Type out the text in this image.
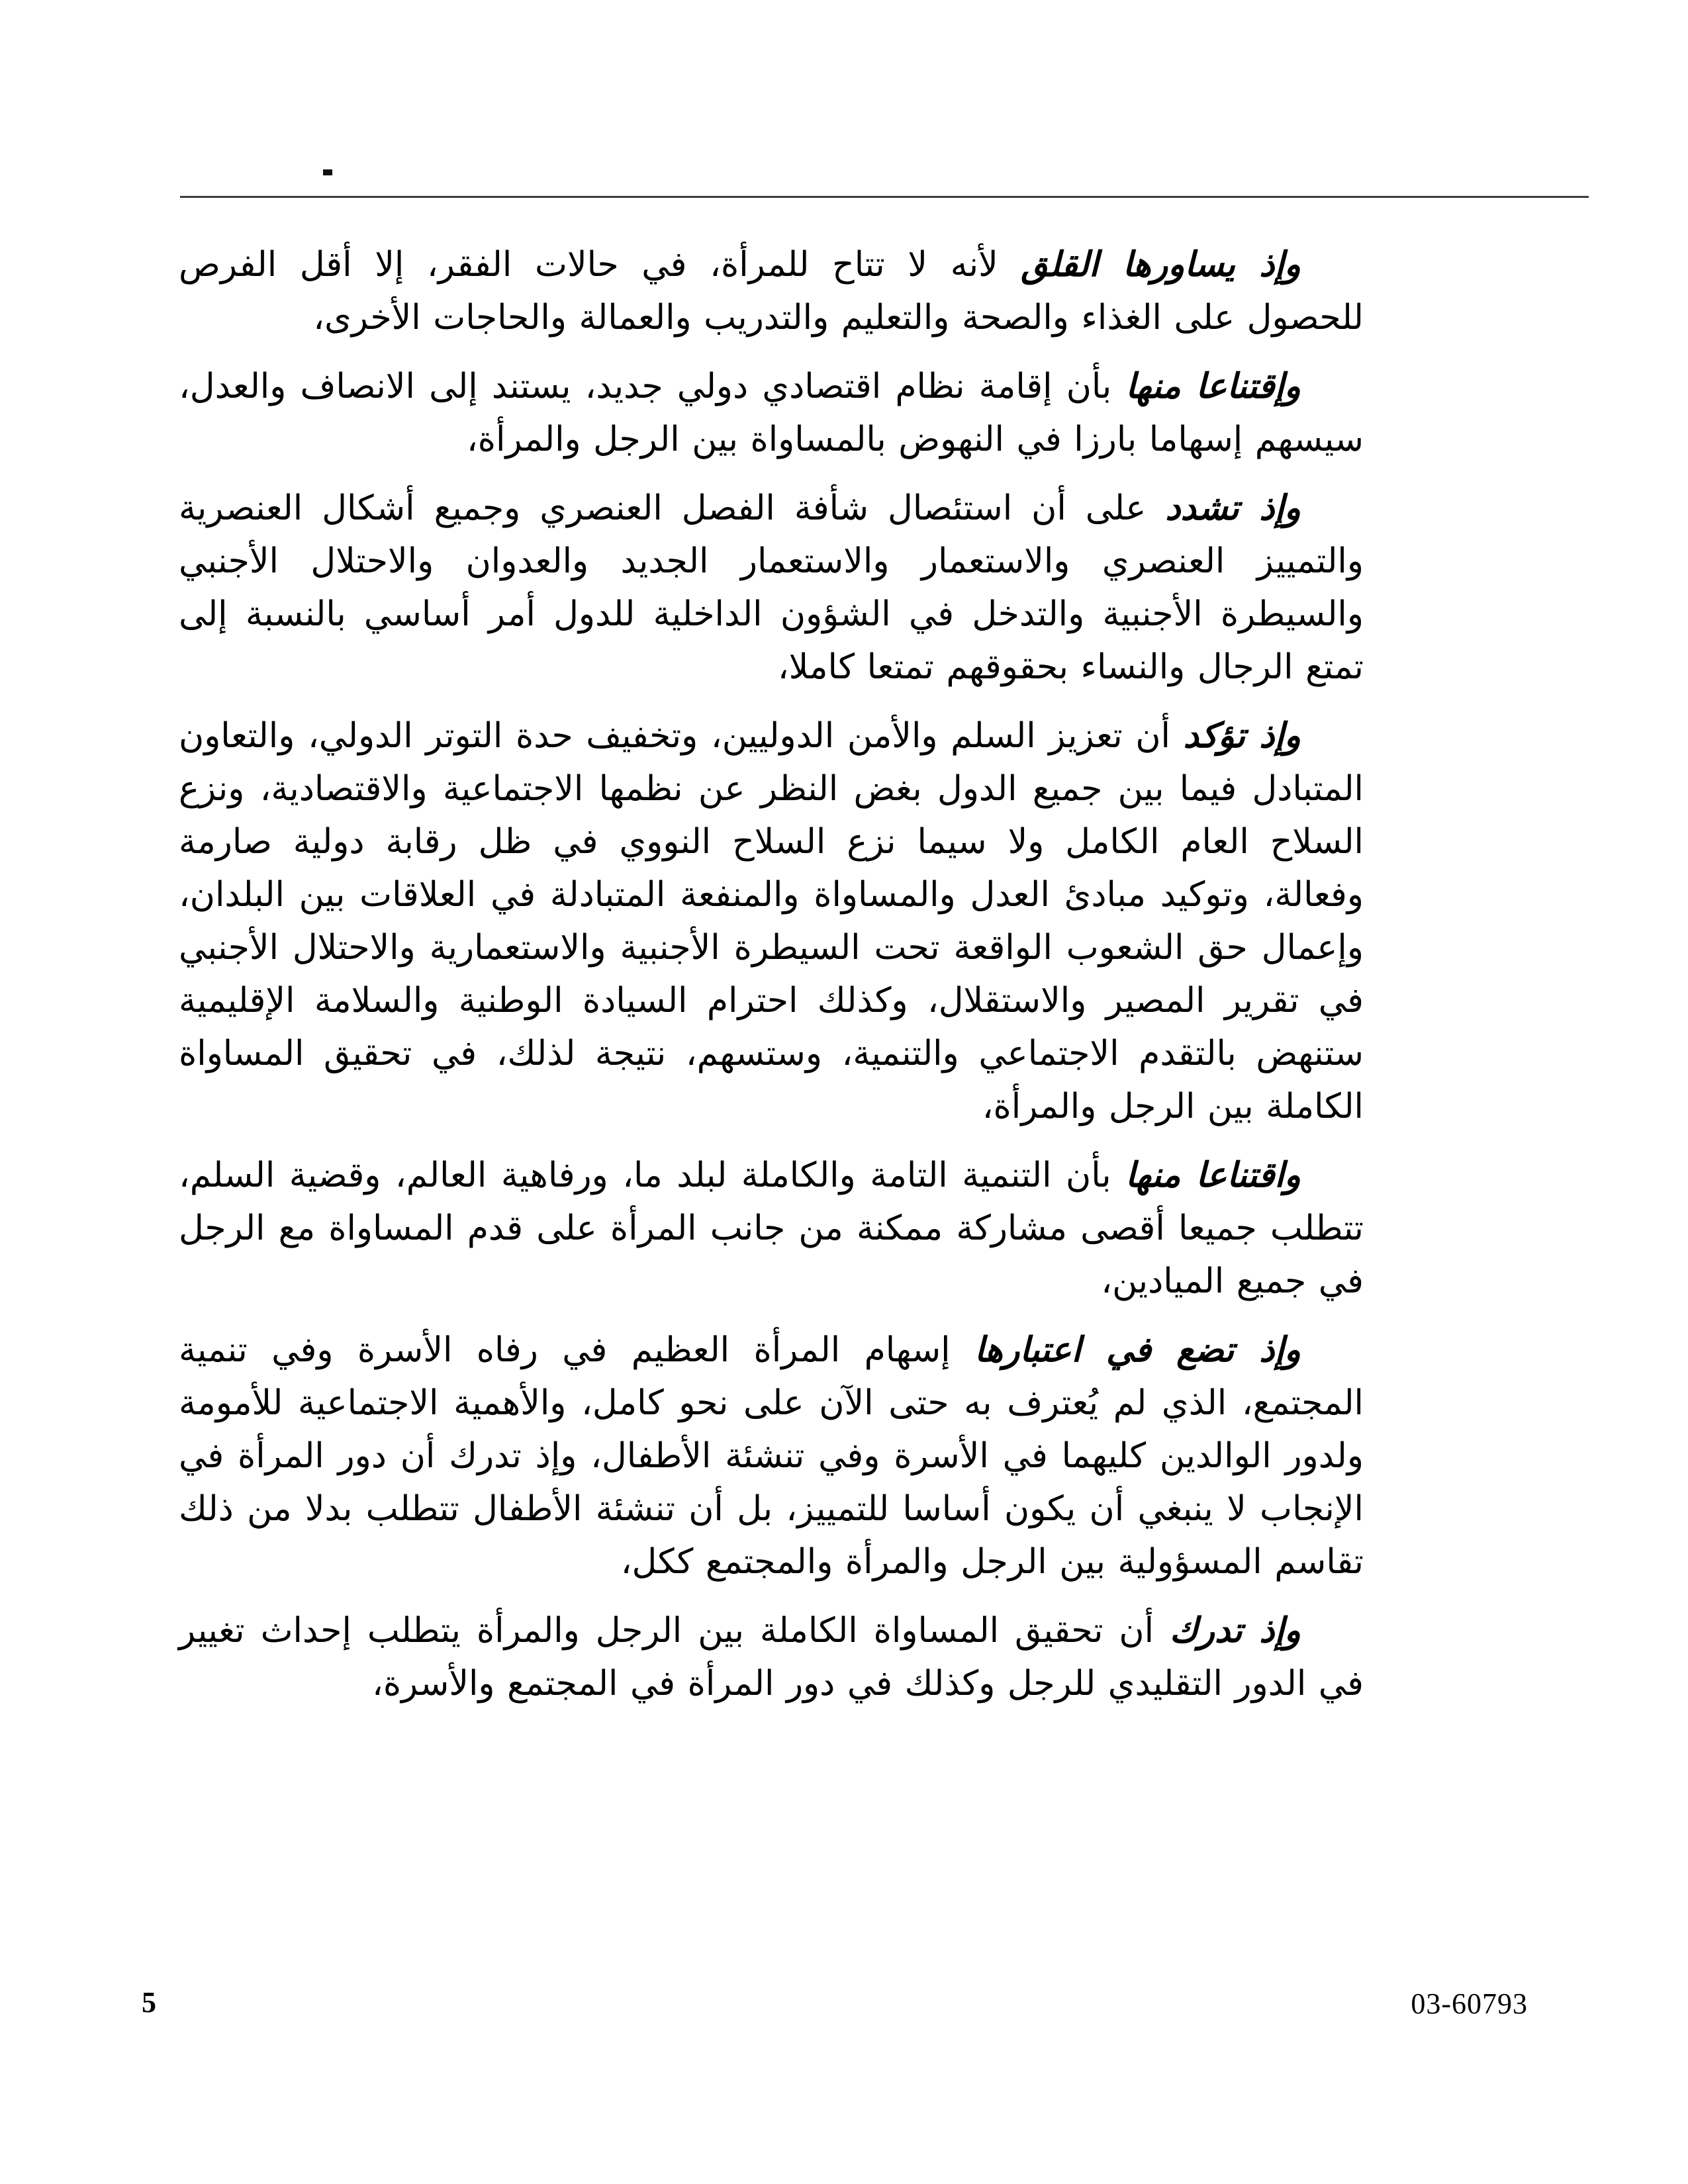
وإذ يساورها القلق لأنه لا تتاح للمرأة، في حالات الفقر، إلا أقل الفرص للحصول على الغذاء والصحة والتعليم والتدريب والعمالة والحاجات الأخرى،

وإقتناعا منها بأن إقامة نظام اقتصادي دولي جديد، يستند إلى الانصاف والعدل، سيسهم إسهاما بارزا في النهوض بالمساواة بين الرجل والمرأة،

وإذ تشدد على أن استئصال شأفة الفصل العنصري وجميع أشكال العنصرية والتمييز العنصري والاستعمار والاستعمار الجديد والعدوان والاحتلال الأجنبي والسيطرة الأجنبية والتدخل في الشؤون الداخلية للدول أمر أساسي بالنسبة إلى تمتع الرجال والنساء بحقوقهم تمتعا كاملا،

وإذ تؤكد أن تعزيز السلم والأمن الدوليين، وتخفيف حدة التوتر الدولي، والتعاون المتبادل فيما بين جميع الدول بغض النظر عن نظمها الاجتماعية والاقتصادية، ونزع السلاح العام الكامل ولا سيما نزع السلاح النووي في ظل رقابة دولية صارمة وفعالة، وتوكيد مبادئ العدل والمساواة والمنفعة المتبادلة في العلاقات بين البلدان، وإعمال حق الشعوب الواقعة تحت السيطرة الأجنبية والاستعمارية والاحتلال الأجنبي في تقرير المصير والاستقلال، وكذلك احترام السيادة الوطنية والسلامة الإقليمية ستنهض بالتقدم الاجتماعي والتنمية، وستسهم، نتيجة لذلك، في تحقيق المساواة الكاملة بين الرجل والمرأة،

واقتناعا منها بأن التنمية التامة والكاملة لبلد ما، ورفاهية العالم، وقضية السلم، تتطلب جميعا أقصى مشاركة ممكنة من جانب المرأة على قدم المساواة مع الرجل في جميع الميادين،

وإذ تضع في اعتبارها إسهام المرأة العظيم في رفاه الأسرة وفي تنمية المجتمع، الذي لم يُعترف به حتى الآن على نحو كامل، والأهمية الاجتماعية للأمومة ولدور الوالدين كليهما في الأسرة وفي تنشئة الأطفال، وإذ تدرك أن دور المرأة في الإنجاب لا ينبغي أن يكون أساسا للتمييز، بل أن تنشئة الأطفال تتطلب بدلا من ذلك تقاسم المسؤولية بين الرجل والمرأة والمجتمع ككل،

وإذ تدرك أن تحقيق المساواة الكاملة بين الرجل والمرأة يتطلب إحداث تغيير في الدور التقليدي للرجل وكذلك في دور المرأة في المجتمع والأسرة،

5	03-60793
